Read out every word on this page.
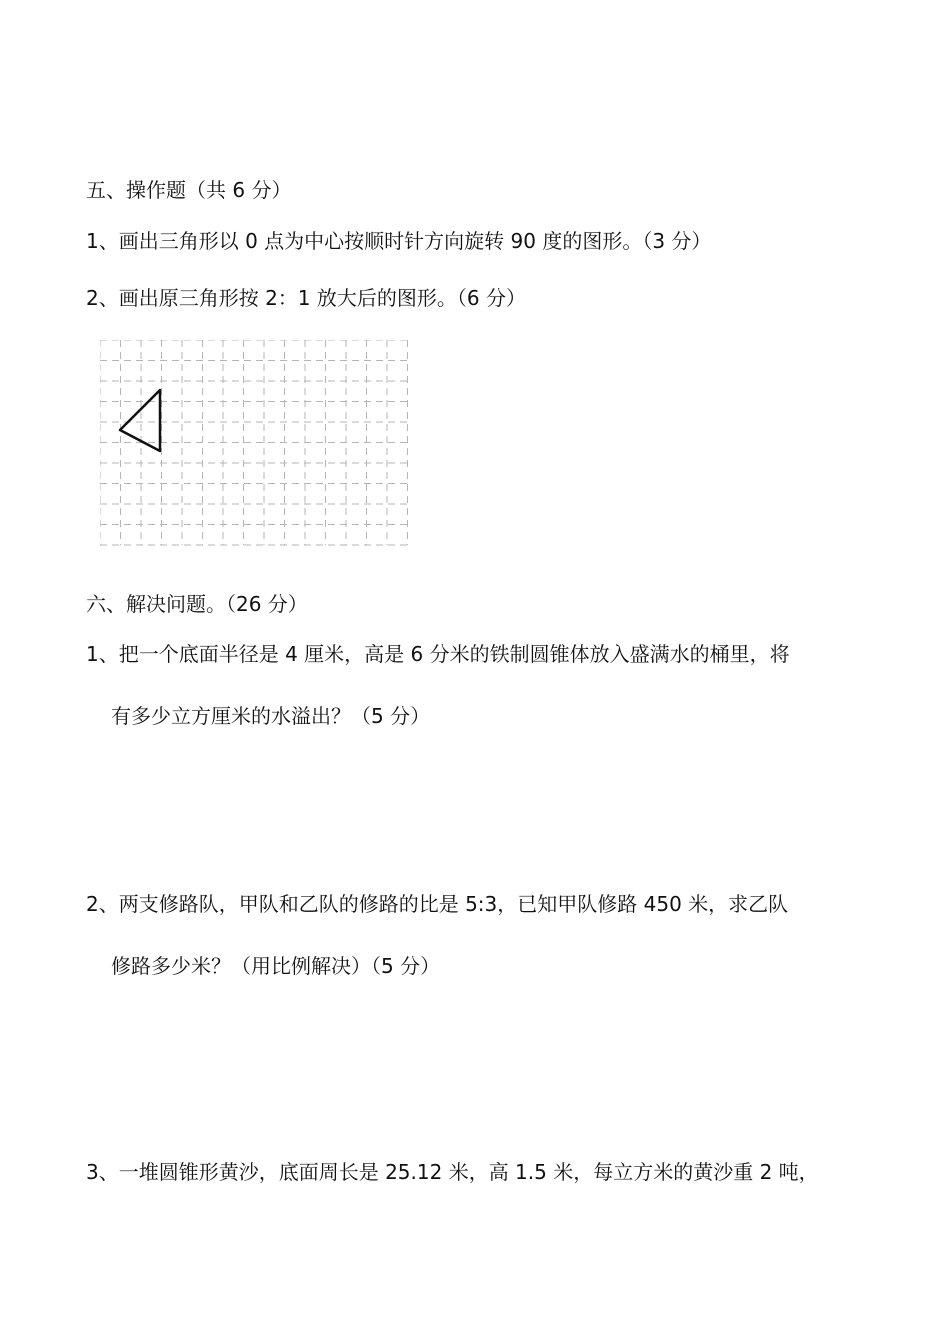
五、操作题（共 6 分）
1、画出三角形以 0 点为中心按顺时针方向旋转 90 度的图形。（3 分）
2、画出原三角形按 2：1 放大后的图形。（6 分）
六、解决问题。（26 分）
1、把一个底面半径是 4 厘米，高是 6 分米的铁制圆锥体放入盛满水的桶里，将
有多少立方厘米的水溢出？（5 分）
2、两支修路队，甲队和乙队的修路的比是 5:3，已知甲队修路 450 米，求乙队
修路多少米？（用比例解决）（5 分）
3、一堆圆锥形黄沙，底面周长是 25.12 米，高 1.5 米，每立方米的黄沙重 2 吨，
